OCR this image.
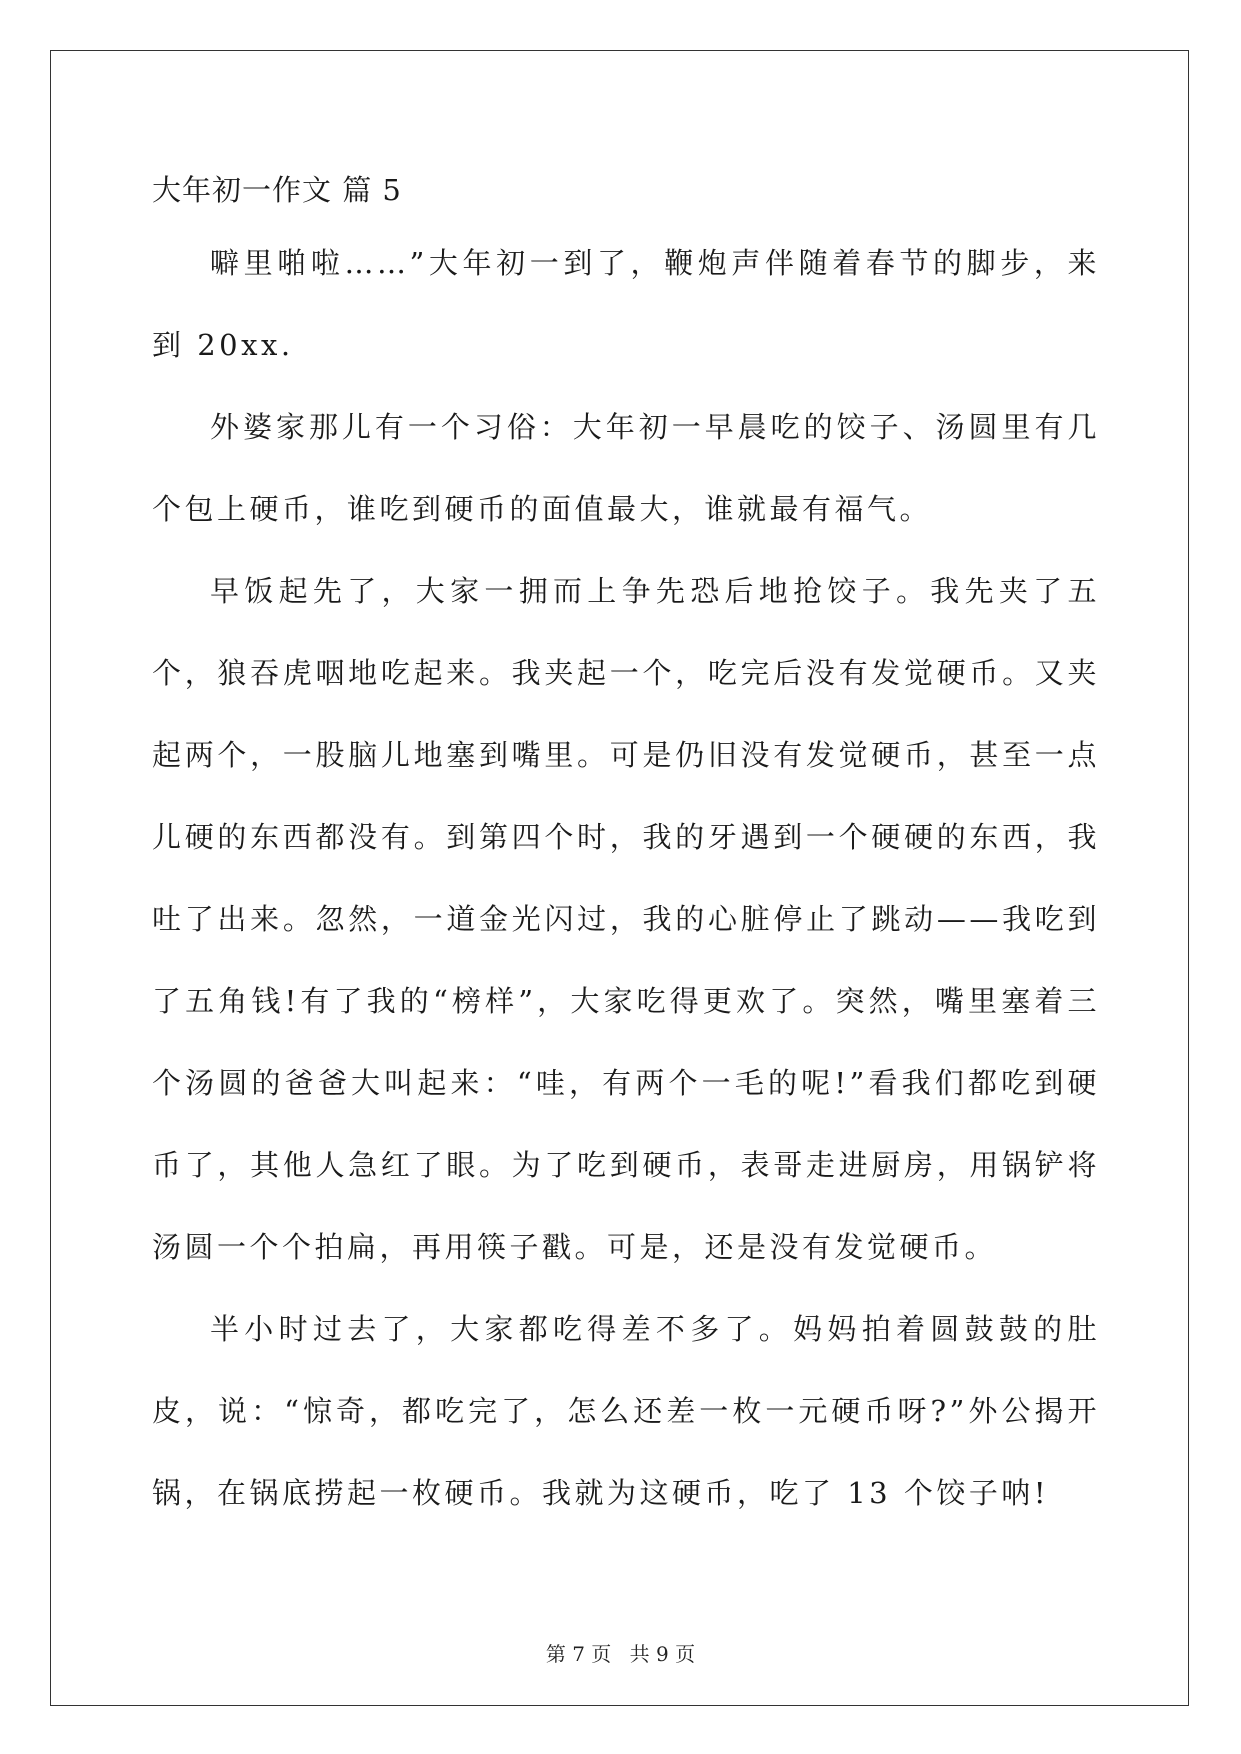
大年初一作文 篇 5

噼里啪啦……”大年初一到了，鞭炮声伴随着春节的脚步，来到 20xx.

外婆家那儿有一个习俗：大年初一早晨吃的饺子、汤圆里有几个包上硬币，谁吃到硬币的面值最大，谁就最有福气。

早饭起先了，大家一拥而上争先恐后地抢饺子。我先夹了五个，狼吞虎咽地吃起来。我夹起一个，吃完后没有发觉硬币。又夹起两个，一股脑儿地塞到嘴里。可是仍旧没有发觉硬币，甚至一点儿硬的东西都没有。到第四个时，我的牙遇到一个硬硬的东西，我吐了出来。忽然，一道金光闪过，我的心脏停止了跳动——我吃到了五角钱!有了我的“榜样”，大家吃得更欢了。突然，嘴里塞着三个汤圆的爸爸大叫起来：“哇，有两个一毛的呢!”看我们都吃到硬币了，其他人急红了眼。为了吃到硬币，表哥走进厨房，用锅铲将汤圆一个个拍扁，再用筷子戳。可是，还是没有发觉硬币。

半小时过去了，大家都吃得差不多了。妈妈拍着圆鼓鼓的肚皮，说：“惊奇，都吃完了，怎么还差一枚一元硬币呀?”外公揭开锅，在锅底捞起一枚硬币。我就为这硬币，吃了 13 个饺子呐!

第 7 页 共 9 页
